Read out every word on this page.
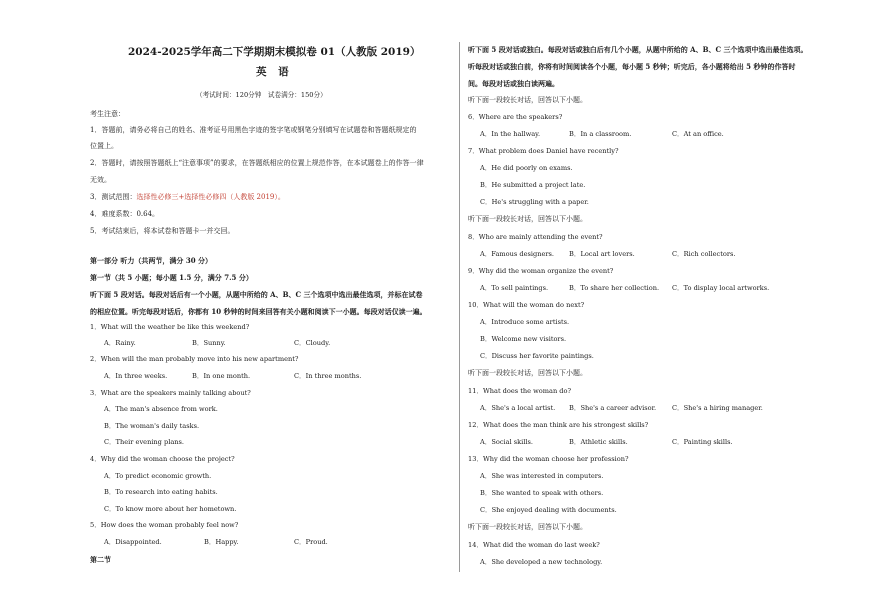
2024-2025学年高二下学期期末模拟卷 01（人教版 2019）
英 语
（考试时间：120分钟　试卷满分：150分）
考生注意：
1．答题前，请务必将自己的姓名、准考证号用黑色字迹的签字笔或钢笔分别填写在试题卷和答题纸规定的
位置上。
2．答题时，请按照答题纸上“注意事项”的要求，在答题纸相应的位置上规范作答，在本试题卷上的作答一律
无效。
3．测试范围：选择性必修三+选择性必修四（人教版 2019）。
4．难度系数：0.64。
5．考试结束后，将本试卷和答题卡一并交回。
第一部分 听力（共两节，满分 30 分）
第一节（共 5 小题；每小题 1.5 分，满分 7.5 分）
听下面 5 段对话。每段对话后有一个小题，从题中所给的 A、B、C 三个选项中选出最佳选项，并标在试卷
的相应位置。听完每段对话后，你都有 10 秒钟的时间来回答有关小题和阅读下一小题。每段对话仅读一遍。
1．What will the weather be like this weekend?
A．Rainy.	B．Sunny.	C．Cloudy.
2．When will the man probably move into his new apartment?
A．In three weeks.	B．In one month.	C．In three months.
3．What are the speakers mainly talking about?
A．The man's absence from work.
B．The woman's daily tasks.
C．Their evening plans.
4．Why did the woman choose the project?
A．To predict economic growth.
B．To research into eating habits.
C．To know more about her hometown.
5．How does the woman probably feel now?
A．Disappointed.	B．Happy.	C．Proud.
第二节
听下面 5 段对话或独白。每段对话或独白后有几个小题，从题中所给的 A、B、C 三个选项中选出最佳选项。
听每段对话或独白前，你将有时间阅读各个小题，每小题 5 秒钟；听完后，各小题将给出 5 秒钟的作答时
间。每段对话或独白读两遍。
听下面一段较长对话，回答以下小题。
6．Where are the speakers?
A．In the hallway.	B．In a classroom.	C．At an office.
7．What problem does Daniel have recently?
A．He did poorly on exams.
B．He submitted a project late.
C．He's struggling with a paper.
听下面一段较长对话，回答以下小题。
8．Who are mainly attending the event?
A．Famous designers. B．Local art lovers.	C．Rich collectors.
9．Why did the woman organize the event?
A．To sell paintings.	B．To share her collection. C．To display local artworks.
10．What will the woman do next?
A．Introduce some artists.
B．Welcome new visitors.
C．Discuss her favorite paintings.
听下面一段较长对话，回答以下小题。
11．What does the woman do?
A．She's a local artist. B．She's a career advisor. C．She's a hiring manager.
12．What does the man think are his strongest skills?
A．Social skills.	B．Athletic skills.	C．Painting skills.
13．Why did the woman choose her profession?
A．She was interested in computers.
B．She wanted to speak with others.
C．She enjoyed dealing with documents.
听下面一段较长对话，回答以下小题。
14．What did the woman do last week?
A．She developed a new technology.
